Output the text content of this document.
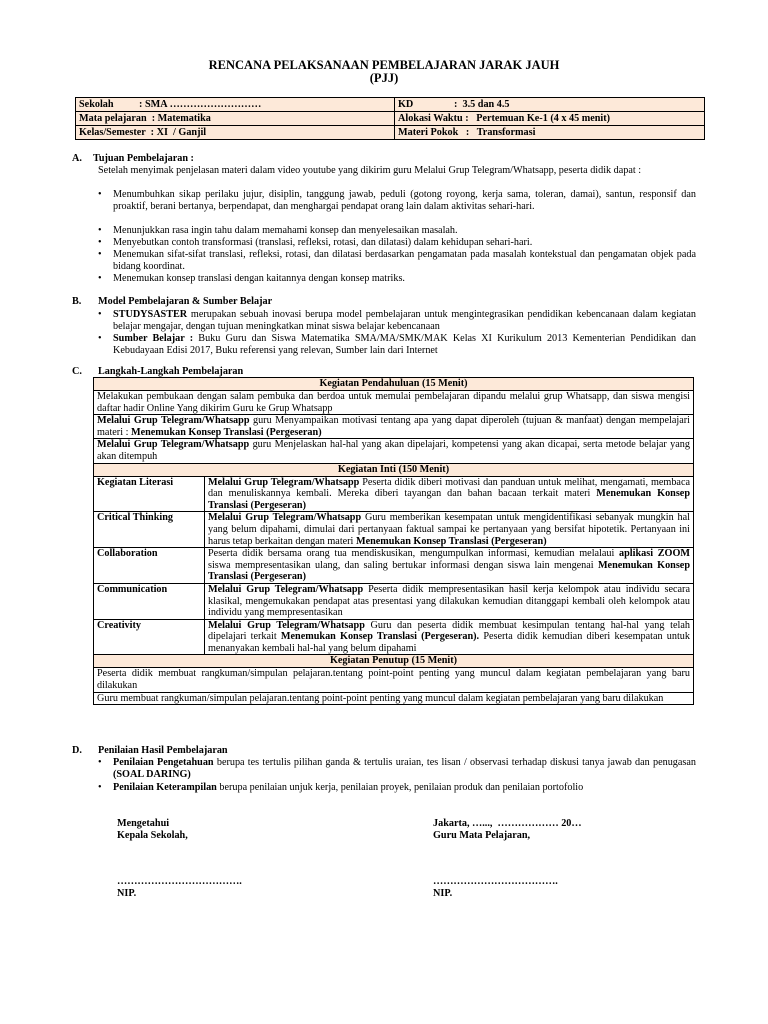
RENCANA PELAKSANAAN PEMBELAJARAN JARAK JAUH
(PJJ)
Sekolah          : SMA ………………………	KD                :  3.5 dan 4.5
Mata pelajaran  : Matematika	Alokasi Waktu :   Pertemuan Ke-1 (4 x 45 menit)
Kelas/Semester  : XI  / Ganjil	Materi Pokok   :   Transformasi
A. Tujuan Pembelajaran :
Setelah menyimak penjelasan materi dalam video youtube yang dikirim guru Melalui Grup Telegram/Whatsapp, peserta didik dapat :
• Menumbuhkan sikap perilaku jujur, disiplin, tanggung jawab, peduli (gotong royong, kerja sama, toleran, damai), santun, responsif dan proaktif, berani bertanya, berpendapat, dan menghargai pendapat orang lain dalam aktivitas sehari-hari.
• Menunjukkan rasa ingin tahu dalam memahami konsep dan menyelesaikan masalah.
• Menyebutkan contoh transformasi (translasi, refleksi, rotasi, dan dilatasi) dalam kehidupan sehari-hari.
• Menemukan sifat-sifat translasi, refleksi, rotasi, dan dilatasi berdasarkan pengamatan pada masalah kontekstual dan pengamatan objek pada bidang koordinat.
• Menemukan konsep translasi dengan kaitannya dengan konsep matriks.
B. Model Pembelajaran & Sumber Belajar
• STUDYSASTER merupakan sebuah inovasi berupa model pembelajaran untuk mengintegrasikan pendidikan kebencanaan dalam kegiatan belajar mengajar, dengan tujuan meningkatkan minat siswa belajar kebencanaan
• Sumber Belajar : Buku Guru dan Siswa Matematika SMA/MA/SMK/MAK Kelas XI Kurikulum 2013 Kementerian Pendidikan dan Kebudayaan Edisi 2017, Buku referensi yang relevan, Sumber lain dari Internet
C. Langkah-Langkah Pembelajaran
Kegiatan Pendahuluan (15 Menit)	
Melakukan pembukaan dengan salam pembuka dan berdoa untuk memulai pembelajaran dipandu melalui grup Whatsapp, dan siswa mengisi daftar hadir Online Yang dikirim Guru ke Grup Whatsapp	
Melalui Grup Telegram/Whatsapp guru Menyampaikan motivasi tentang apa yang dapat diperoleh (tujuan & manfaat) dengan mempelajari materi : Menemukan Konsep Translasi (Pergeseran)	
Melalui Grup Telegram/Whatsapp guru Menjelaskan hal-hal yang akan dipelajari, kompetensi yang akan dicapai, serta metode belajar yang akan ditempuh	
Kegiatan Inti (150 Menit)	
Kegiatan Literasi	Melalui Grup Telegram/Whatsapp Peserta didik diberi motivasi dan panduan untuk melihat, mengamati, membaca dan menuliskannya kembali. Mereka diberi tayangan dan bahan bacaan terkait materi Menemukan Konsep Translasi (Pergeseran)
Critical Thinking	Melalui Grup Telegram/Whatsapp Guru memberikan kesempatan untuk mengidentifikasi sebanyak mungkin hal yang belum dipahami, dimulai dari pertanyaan faktual sampai ke pertanyaan yang bersifat hipotetik. Pertanyaan ini harus tetap berkaitan dengan materi Menemukan Konsep Translasi (Pergeseran)
Collaboration	Peserta didik bersama orang tua mendiskusikan, mengumpulkan informasi, kemudian melalaui aplikasi ZOOM siswa mempresentasikan ulang, dan saling bertukar informasi dengan siswa lain mengenai Menemukan Konsep Translasi (Pergeseran)
Communication	Melalui Grup Telegram/Whatsapp Peserta didik mempresentasikan hasil kerja kelompok atau individu secara klasikal, mengemukakan pendapat atas presentasi yang dilakukan kemudian ditanggapi kembali oleh kelompok atau individu yang mempresentasikan
Creativity	Melalui Grup Telegram/Whatsapp Guru dan peserta didik membuat kesimpulan tentang hal-hal yang telah dipelajari terkait Menemukan Konsep Translasi (Pergeseran). Peserta didik kemudian diberi kesempatan untuk menanyakan kembali hal-hal yang belum dipahami
Kegiatan Penutup (15 Menit)	
Peserta didik membuat rangkuman/simpulan pelajaran.tentang point-point penting yang muncul dalam kegiatan pembelajaran yang baru dilakukan	
Guru membuat rangkuman/simpulan pelajaran.tentang point-point penting yang muncul dalam kegiatan pembelajaran yang baru dilakukan	
D. Penilaian Hasil Pembelajaran
• Penilaian Pengetahuan berupa tes tertulis pilihan ganda & tertulis uraian, tes lisan / observasi terhadap diskusi tanya jawab dan penugasan (SOAL DARING)
• Penilaian Keterampilan berupa penilaian unjuk kerja, penilaian proyek, penilaian produk dan penilaian portofolio
Mengetahui
Kepala Sekolah,
……………………………….
NIP.
Jakarta, …...,  ……………… 20…
Guru Mata Pelajaran,
……………………………….
NIP.
